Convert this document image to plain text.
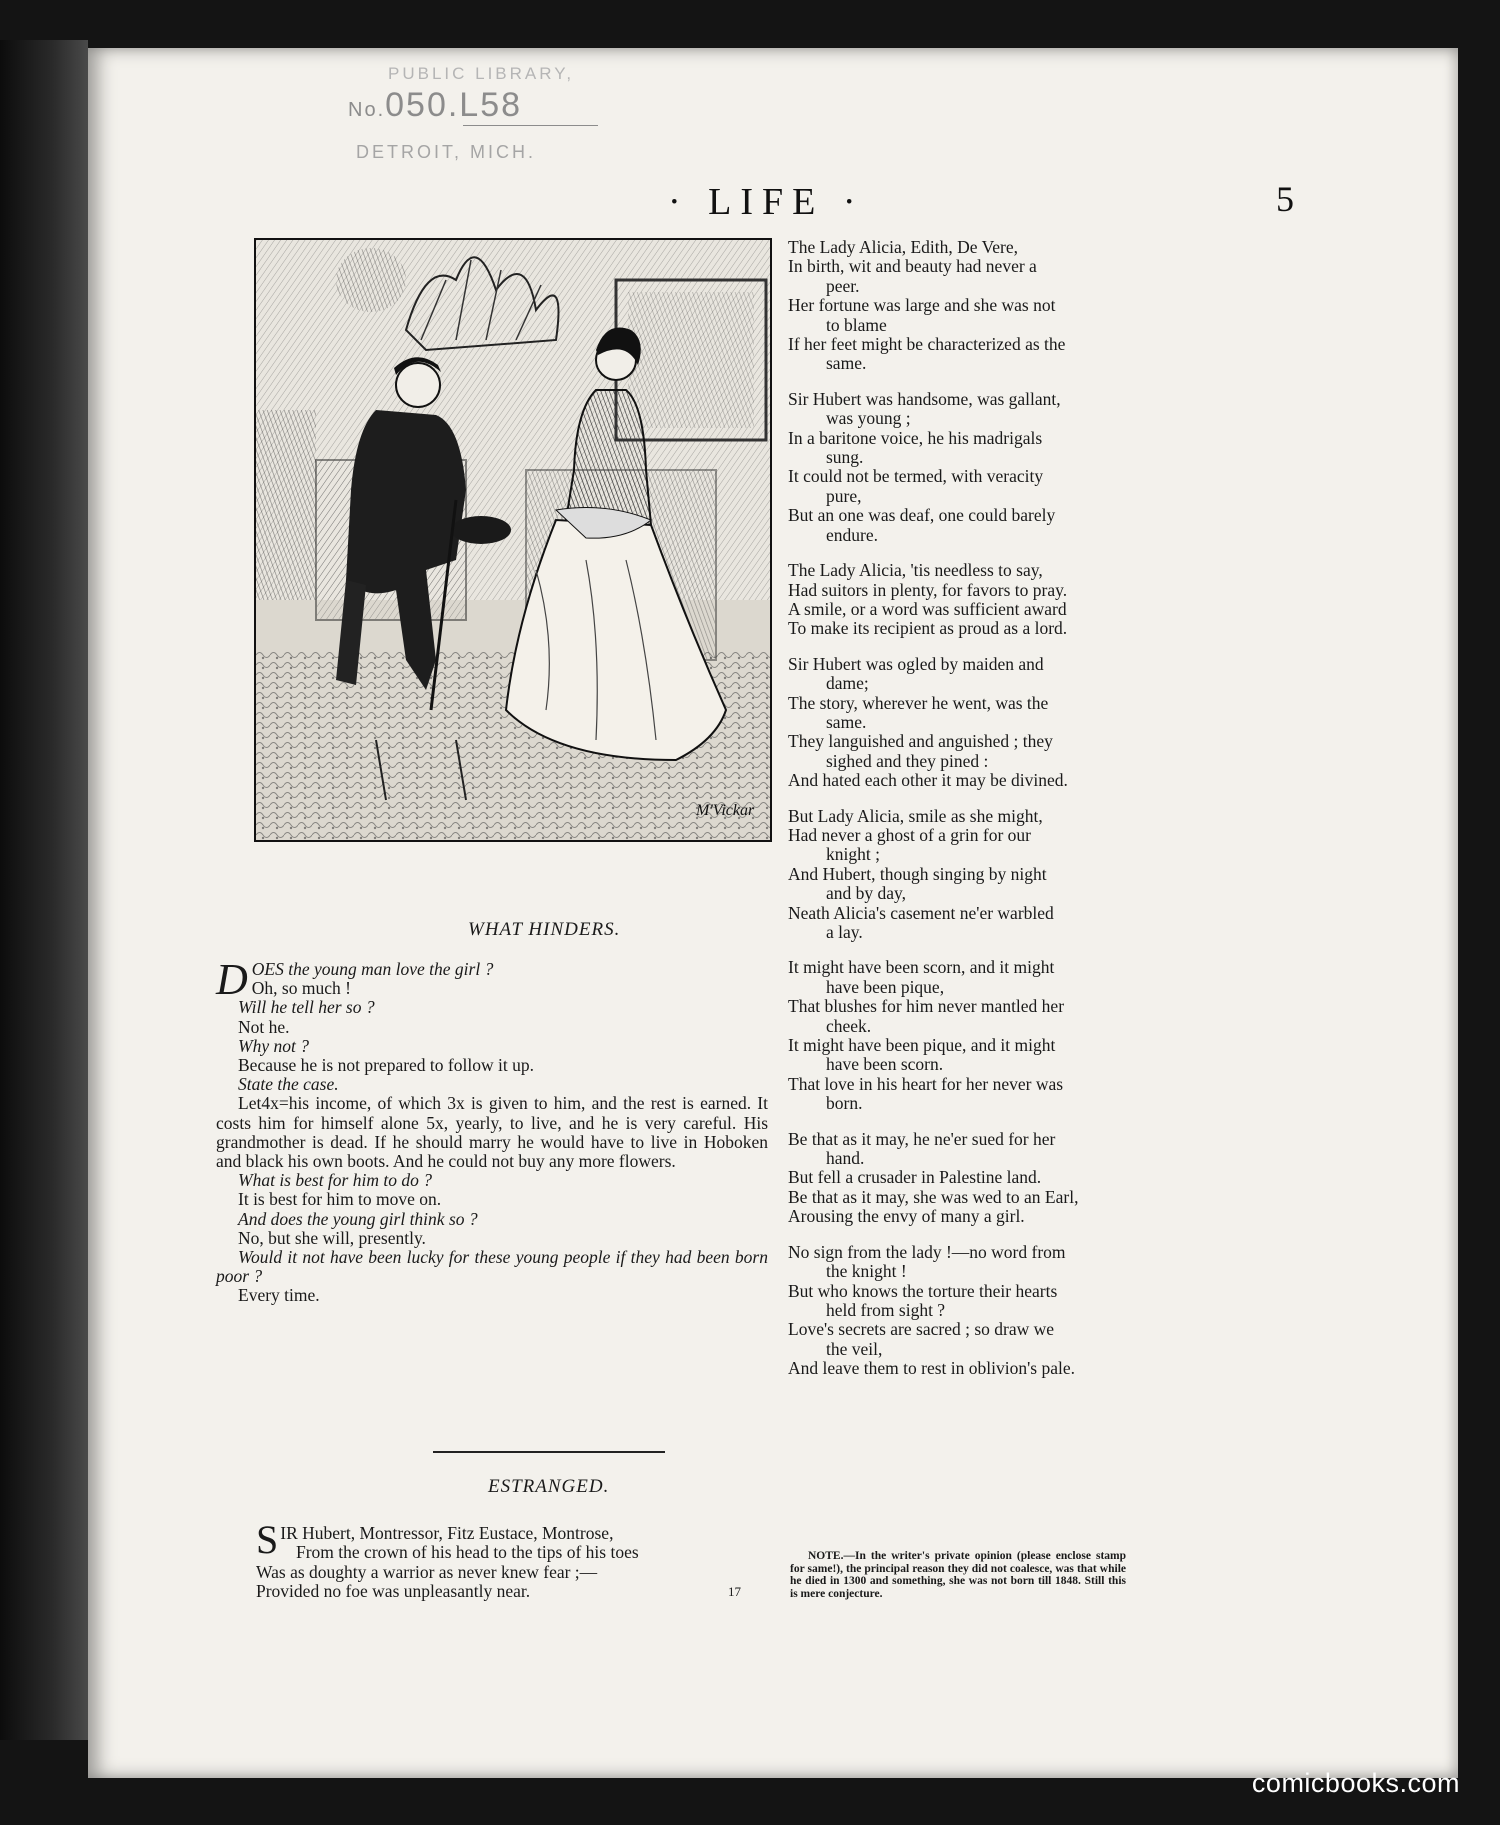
PUBLIC LIBRARY,
No.050.L58
DETROIT, MICH.
· LIFE ·	5
M'Vickar
WHAT HINDERS.
D OES the young man love the girl ?
Oh, so much !
Will he tell her so ?
Not he.
Why not ?
Because he is not prepared to follow it up.
State the case.
Let4x=his income, of which 3x is given to him, and the rest is earned. It costs him for himself alone 5x, yearly, to live, and he is very careful. His grandmother is dead. If he should marry he would have to live in Hoboken and black his own boots. And he could not buy any more flowers.
What is best for him to do ?
It is best for him to move on.
And does the young girl think so ?
No, but she will, presently.
Would it not have been lucky for these young people if they had been born poor ?
Every time.
ESTRANGED.
S IR Hubert, Montressor, Fitz Eustace, Montrose,
From the crown of his head to the tips of his toes
Was as doughty a warrior as never knew fear ;—
Provided no foe was unpleasantly near.
The Lady Alicia, Edith, De Vere,
In birth, wit and beauty had never a
peer.
Her fortune was large and she was not
to blame
If her feet might be characterized as the
same.
Sir Hubert was handsome, was gallant,
was young ;
In a baritone voice, he his madrigals
sung.
It could not be termed, with veracity
pure,
But an one was deaf, one could barely
endure.
The Lady Alicia, 'tis needless to say,
Had suitors in plenty, for favors to pray.
A smile, or a word was sufficient award
To make its recipient as proud as a lord.
Sir Hubert was ogled by maiden and
dame;
The story, wherever he went, was the
same.
They languished and anguished ; they
sighed and they pined :
And hated each other it may be divined.
But Lady Alicia, smile as she might,
Had never a ghost of a grin for our
knight ;
And Hubert, though singing by night
and by day,
Neath Alicia's casement ne'er warbled
a lay.
It might have been scorn, and it might
have been pique,
That blushes for him never mantled her
cheek.
It might have been pique, and it might
have been scorn.
That love in his heart for her never was
born.
Be that as it may, he ne'er sued for her
hand.
But fell a crusader in Palestine land.
Be that as it may, she was wed to an Earl,
Arousing the envy of many a girl.
No sign from the lady !—no word from
the knight !
But who knows the torture their hearts
held from sight ?
Love's secrets are sacred ; so draw we
the veil,
And leave them to rest in oblivion's pale.
NOTE.—In the writer's private opinion (please enclose stamp for same!), the principal reason they did not coalesce, was that while he died in 1300 and something, she was not born till 1848. Still this is mere conjecture.
17
comicbooks.com
